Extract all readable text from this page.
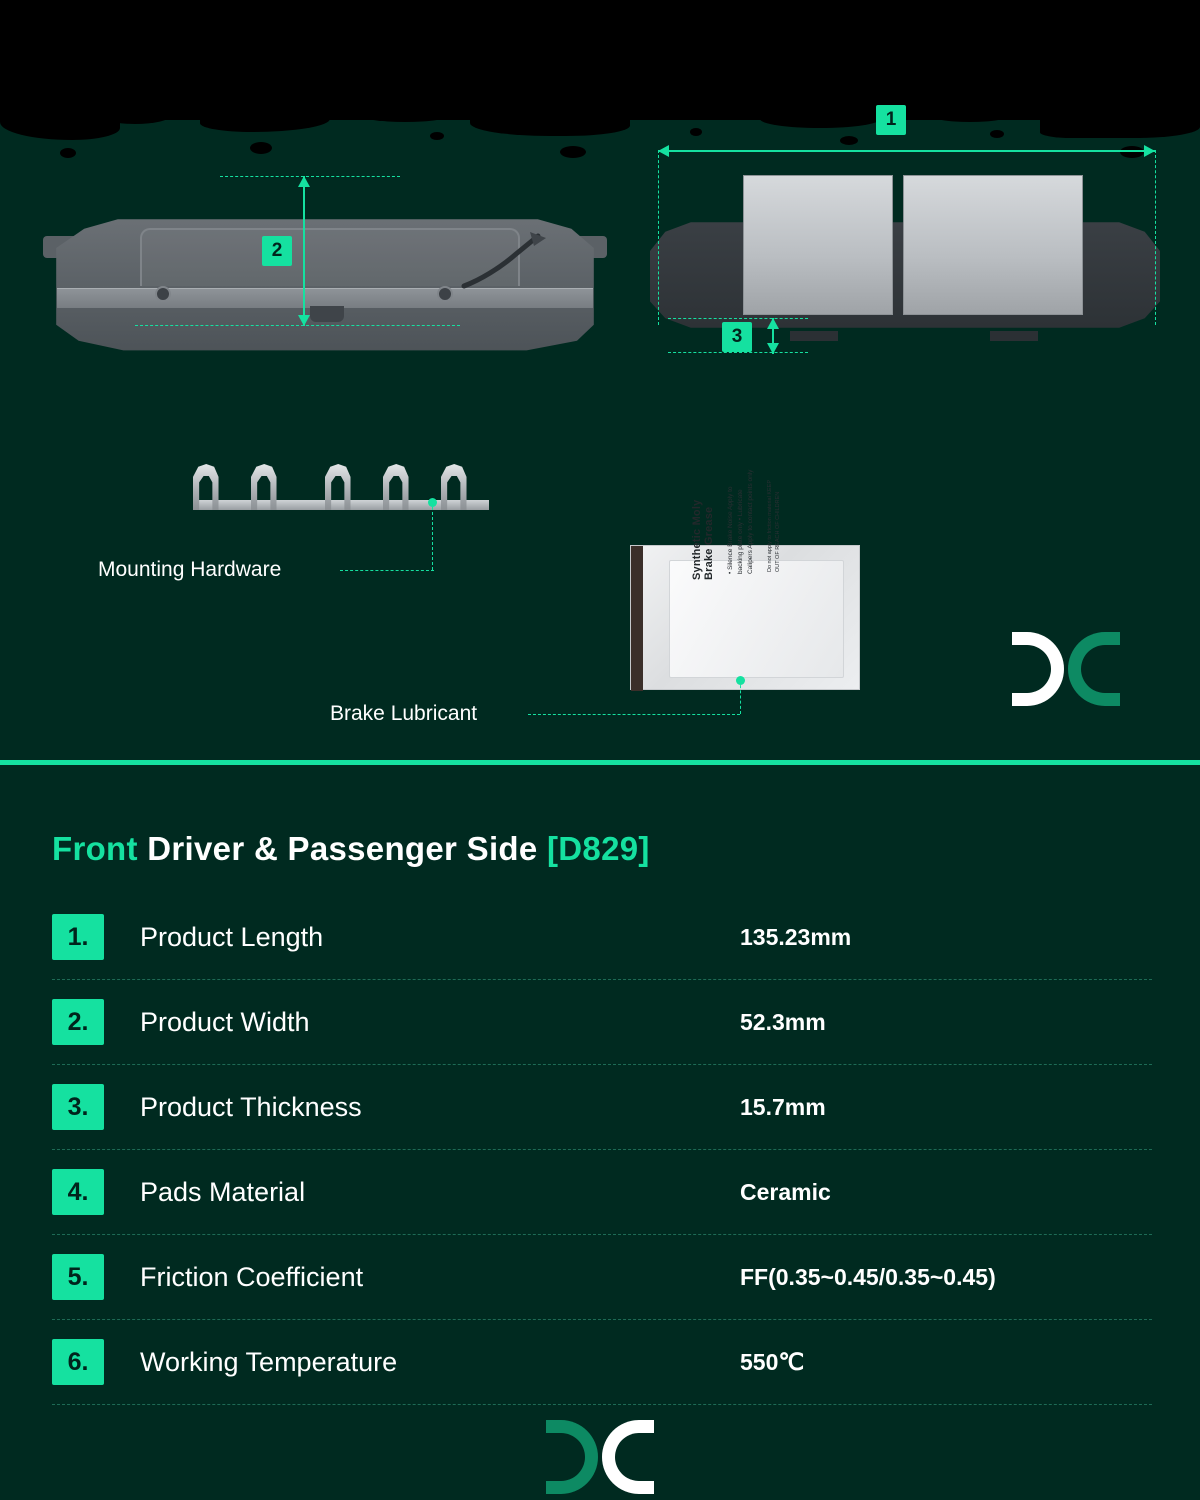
2
1
3
Mounting Hardware	Synthetic Moly Brake Grease • Silence Brake Noise Apply to backing plate only • Lubricate Calipers Apply to contact points only	Do not apply to friction material KEEP OUT OF REACH OF CHILDREN
Brake Lubricant
Front Driver & Passenger Side [D829]
1.	Product Length	135.23mm
2.	Product Width	52.3mm
3.	Product Thickness	15.7mm
4.	Pads Material	Ceramic
5.	Friction Coefficient	FF(0.35~0.45/0.35~0.45)
6.	Working Temperature	550℃
